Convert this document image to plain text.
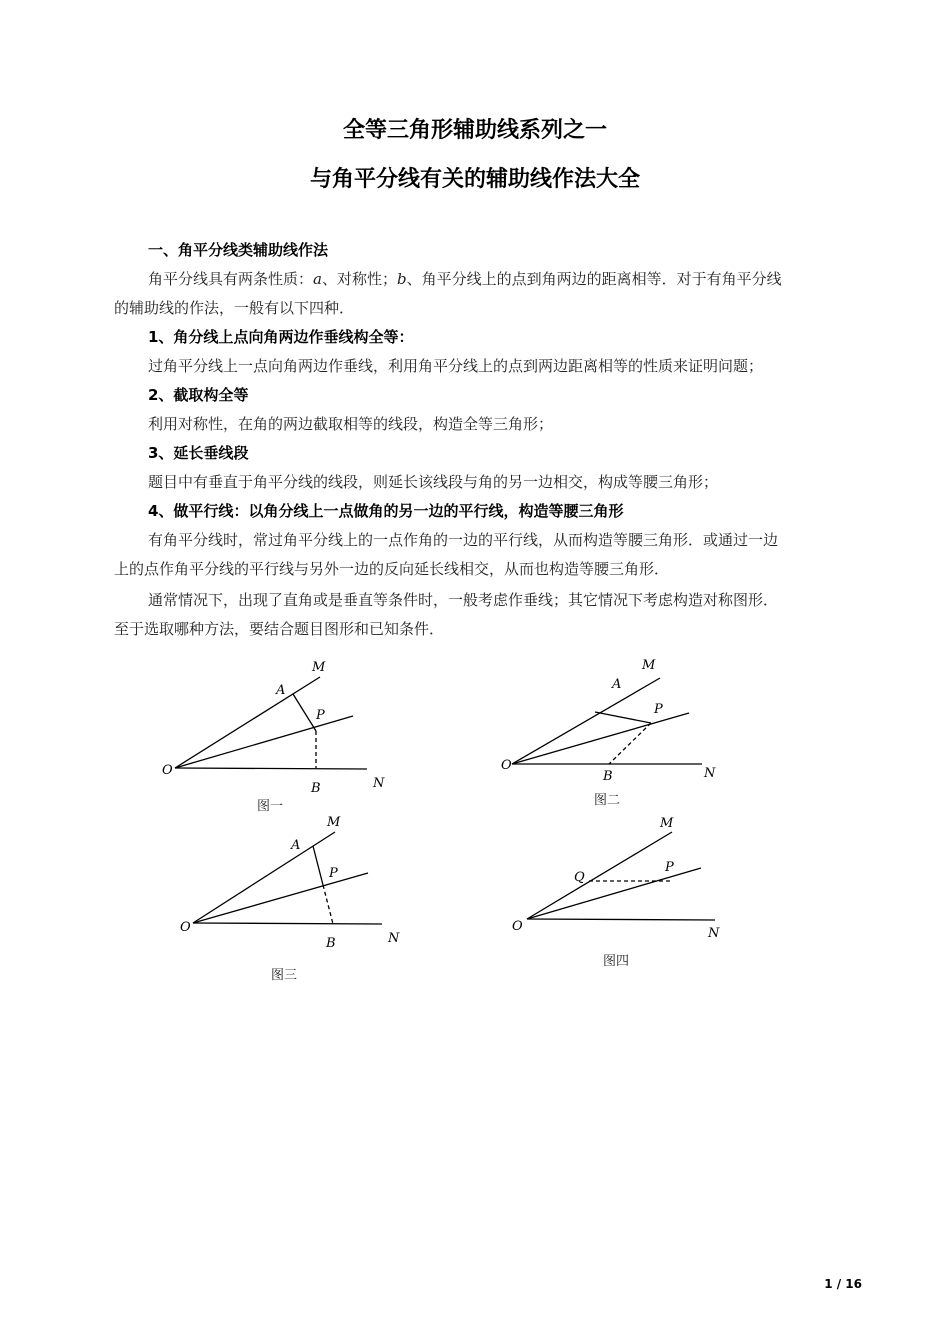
全等三角形辅助线系列之一
与角平分线有关的辅助线作法大全
一、角平分线类辅助线作法
角平分线具有两条性质：a、对称性；b、角平分线上的点到角两边的距离相等．对于有角平分线
的辅助线的作法，一般有以下四种．
1、角分线上点向角两边作垂线构全等：
过角平分线上一点向角两边作垂线，利用角平分线上的点到两边距离相等的性质来证明问题；
2、截取构全等
利用对称性，在角的两边截取相等的线段，构造全等三角形；
3、延长垂线段
题目中有垂直于角平分线的线段，则延长该线段与角的另一边相交，构成等腰三角形；
4、做平行线：以角分线上一点做角的另一边的平行线，构造等腰三角形
有角平分线时，常过角平分线上的一点作角的一边的平行线，从而构造等腰三角形．或通过一边
上的点作角平分线的平行线与另外一边的反向延长线相交，从而也构造等腰三角形．
通常情况下，出现了直角或是垂直等条件时，一般考虑作垂线；其它情况下考虑构造对称图形．
至于选取哪种方法，要结合题目图形和已知条件．
M
A
P
O
B	N
M
A
P
O
B	N
M
A
P
O
B	N
M
Q
P
O	N
图一	图二
图三
图四
1 / 16
